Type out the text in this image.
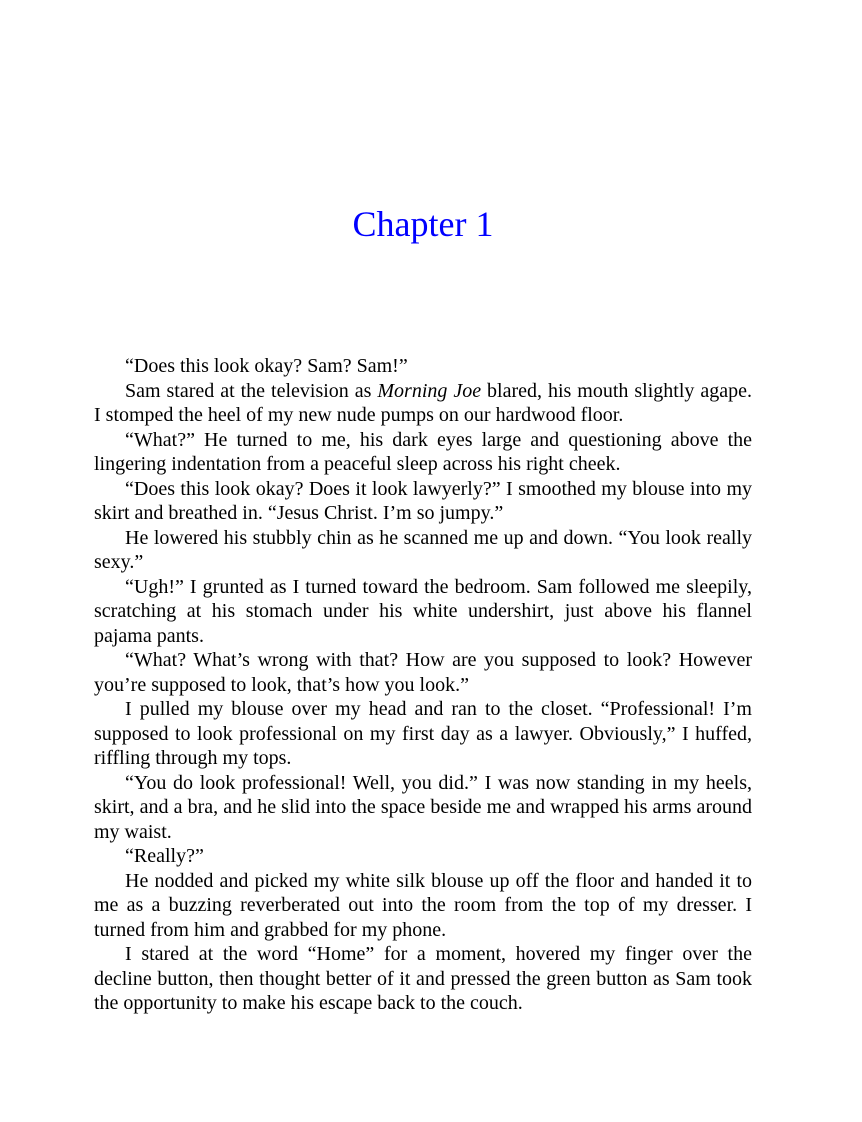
Chapter 1

“Does this look okay? Sam? Sam!”

Sam stared at the television as Morning Joe blared, his mouth slightly agape. I stomped the heel of my new nude pumps on our hardwood floor.

“What?” He turned to me, his dark eyes large and questioning above the lingering indentation from a peaceful sleep across his right cheek.

“Does this look okay? Does it look lawyerly?” I smoothed my blouse into my skirt and breathed in. “Jesus Christ. I’m so jumpy.”

He lowered his stubbly chin as he scanned me up and down. “You look really sexy.”

“Ugh!” I grunted as I turned toward the bedroom. Sam followed me sleepily, scratching at his stomach under his white undershirt, just above his flannel pajama pants.

“What? What’s wrong with that? How are you supposed to look? However you’re supposed to look, that’s how you look.”

I pulled my blouse over my head and ran to the closet. “Professional! I’m supposed to look professional on my first day as a lawyer. Obviously,” I huffed, riffling through my tops.

“You do look professional! Well, you did.” I was now standing in my heels, skirt, and a bra, and he slid into the space beside me and wrapped his arms around my waist.

“Really?”

He nodded and picked my white silk blouse up off the floor and handed it to me as a buzzing reverberated out into the room from the top of my dresser. I turned from him and grabbed for my phone.

I stared at the word “Home” for a moment, hovered my finger over the decline button, then thought better of it and pressed the green button as Sam took the opportunity to make his escape back to the couch.
